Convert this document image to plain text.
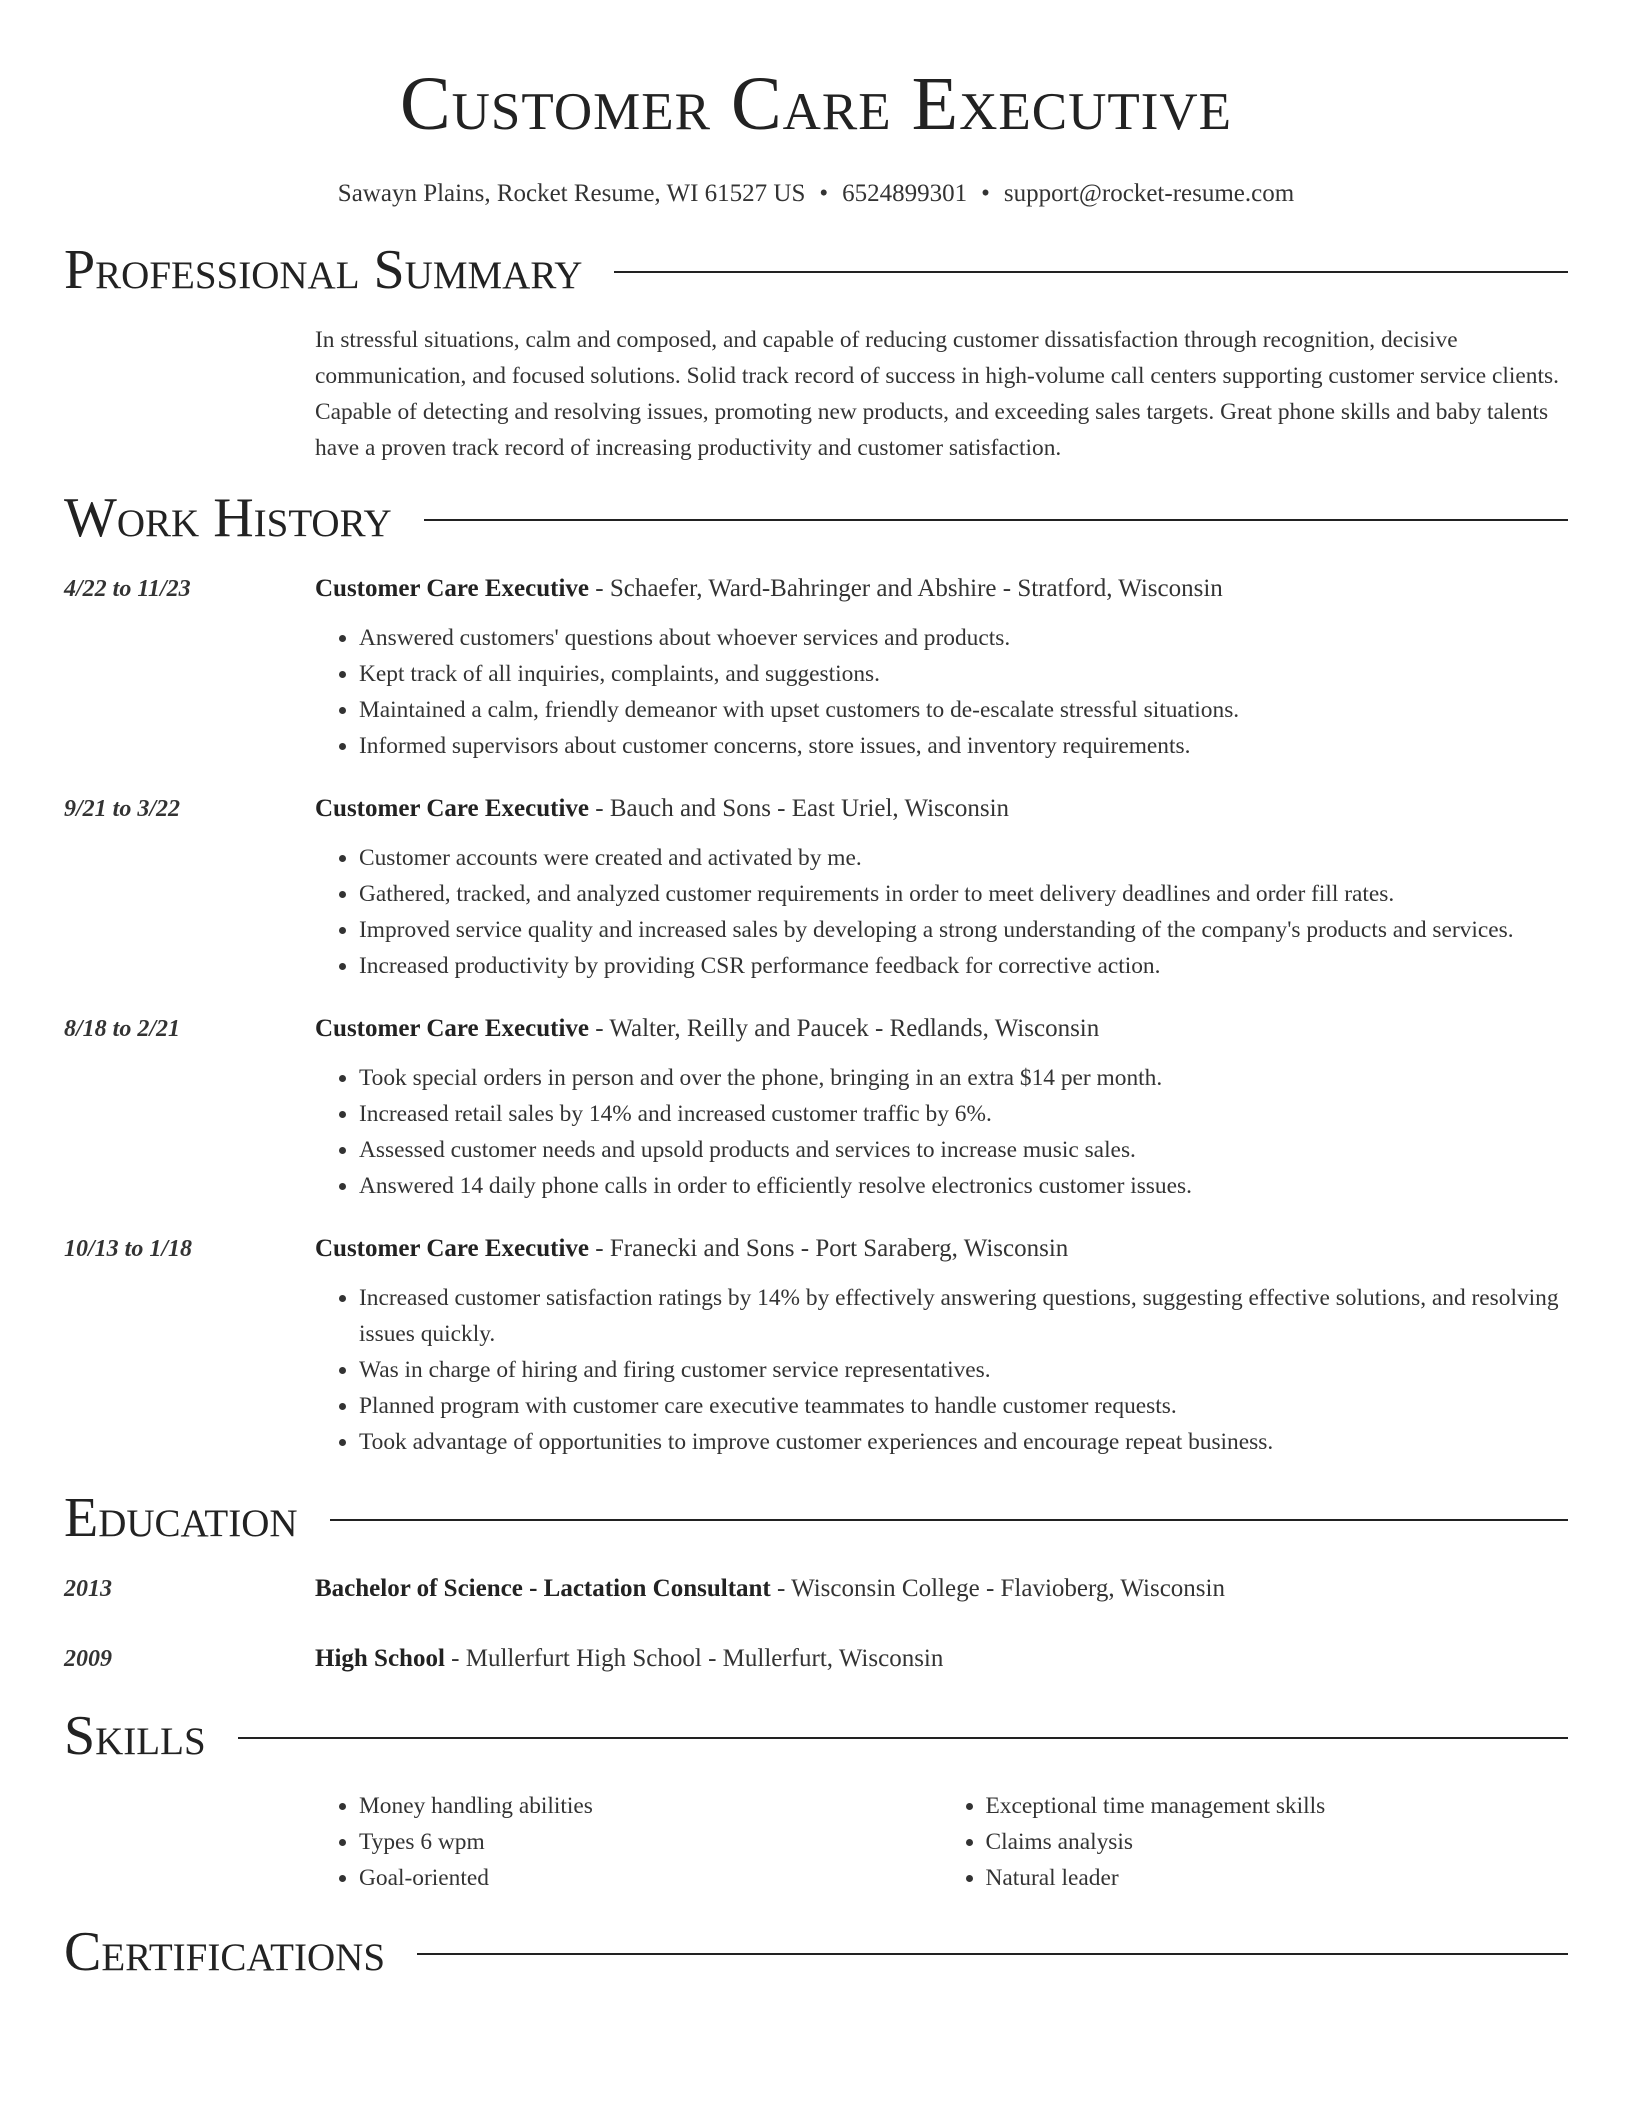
Customer Care Executive
Sawayn Plains, Rocket Resume, WI 61527 US • 6524899301 • support@rocket-resume.com
Professional Summary
In stressful situations, calm and composed, and capable of reducing customer dissatisfaction through recognition, decisive communication, and focused solutions. Solid track record of success in high-volume call centers supporting customer service clients. Capable of detecting and resolving issues, promoting new products, and exceeding sales targets. Great phone skills and baby talents have a proven track record of increasing productivity and customer satisfaction.
Work History
4/22 to 11/23	Customer Care Executive - Schaefer, Ward-Bahringer and Abshire - Stratford, Wisconsin
• Answered customers' questions about whoever services and products.
• Kept track of all inquiries, complaints, and suggestions.
• Maintained a calm, friendly demeanor with upset customers to de-escalate stressful situations.
• Informed supervisors about customer concerns, store issues, and inventory requirements.
9/21 to 3/22	Customer Care Executive - Bauch and Sons - East Uriel, Wisconsin
• Customer accounts were created and activated by me.
• Gathered, tracked, and analyzed customer requirements in order to meet delivery deadlines and order fill rates.
• Improved service quality and increased sales by developing a strong understanding of the company's products and services.
• Increased productivity by providing CSR performance feedback for corrective action.
8/18 to 2/21	Customer Care Executive - Walter, Reilly and Paucek - Redlands, Wisconsin
• Took special orders in person and over the phone, bringing in an extra $14 per month.
• Increased retail sales by 14% and increased customer traffic by 6%.
• Assessed customer needs and upsold products and services to increase music sales.
• Answered 14 daily phone calls in order to efficiently resolve electronics customer issues.
10/13 to 1/18	Customer Care Executive - Franecki and Sons - Port Saraberg, Wisconsin
• Increased customer satisfaction ratings by 14% by effectively answering questions, suggesting effective solutions, and resolving issues quickly.
• Was in charge of hiring and firing customer service representatives.
• Planned program with customer care executive teammates to handle customer requests.
• Took advantage of opportunities to improve customer experiences and encourage repeat business.
Education
2013	Bachelor of Science - Lactation Consultant - Wisconsin College - Flavioberg, Wisconsin
2009	High School - Mullerfurt High School - Mullerfurt, Wisconsin
Skills
• Money handling abilities
• Types 6 wpm
• Goal-oriented
• Exceptional time management skills
• Claims analysis
• Natural leader
Certifications
